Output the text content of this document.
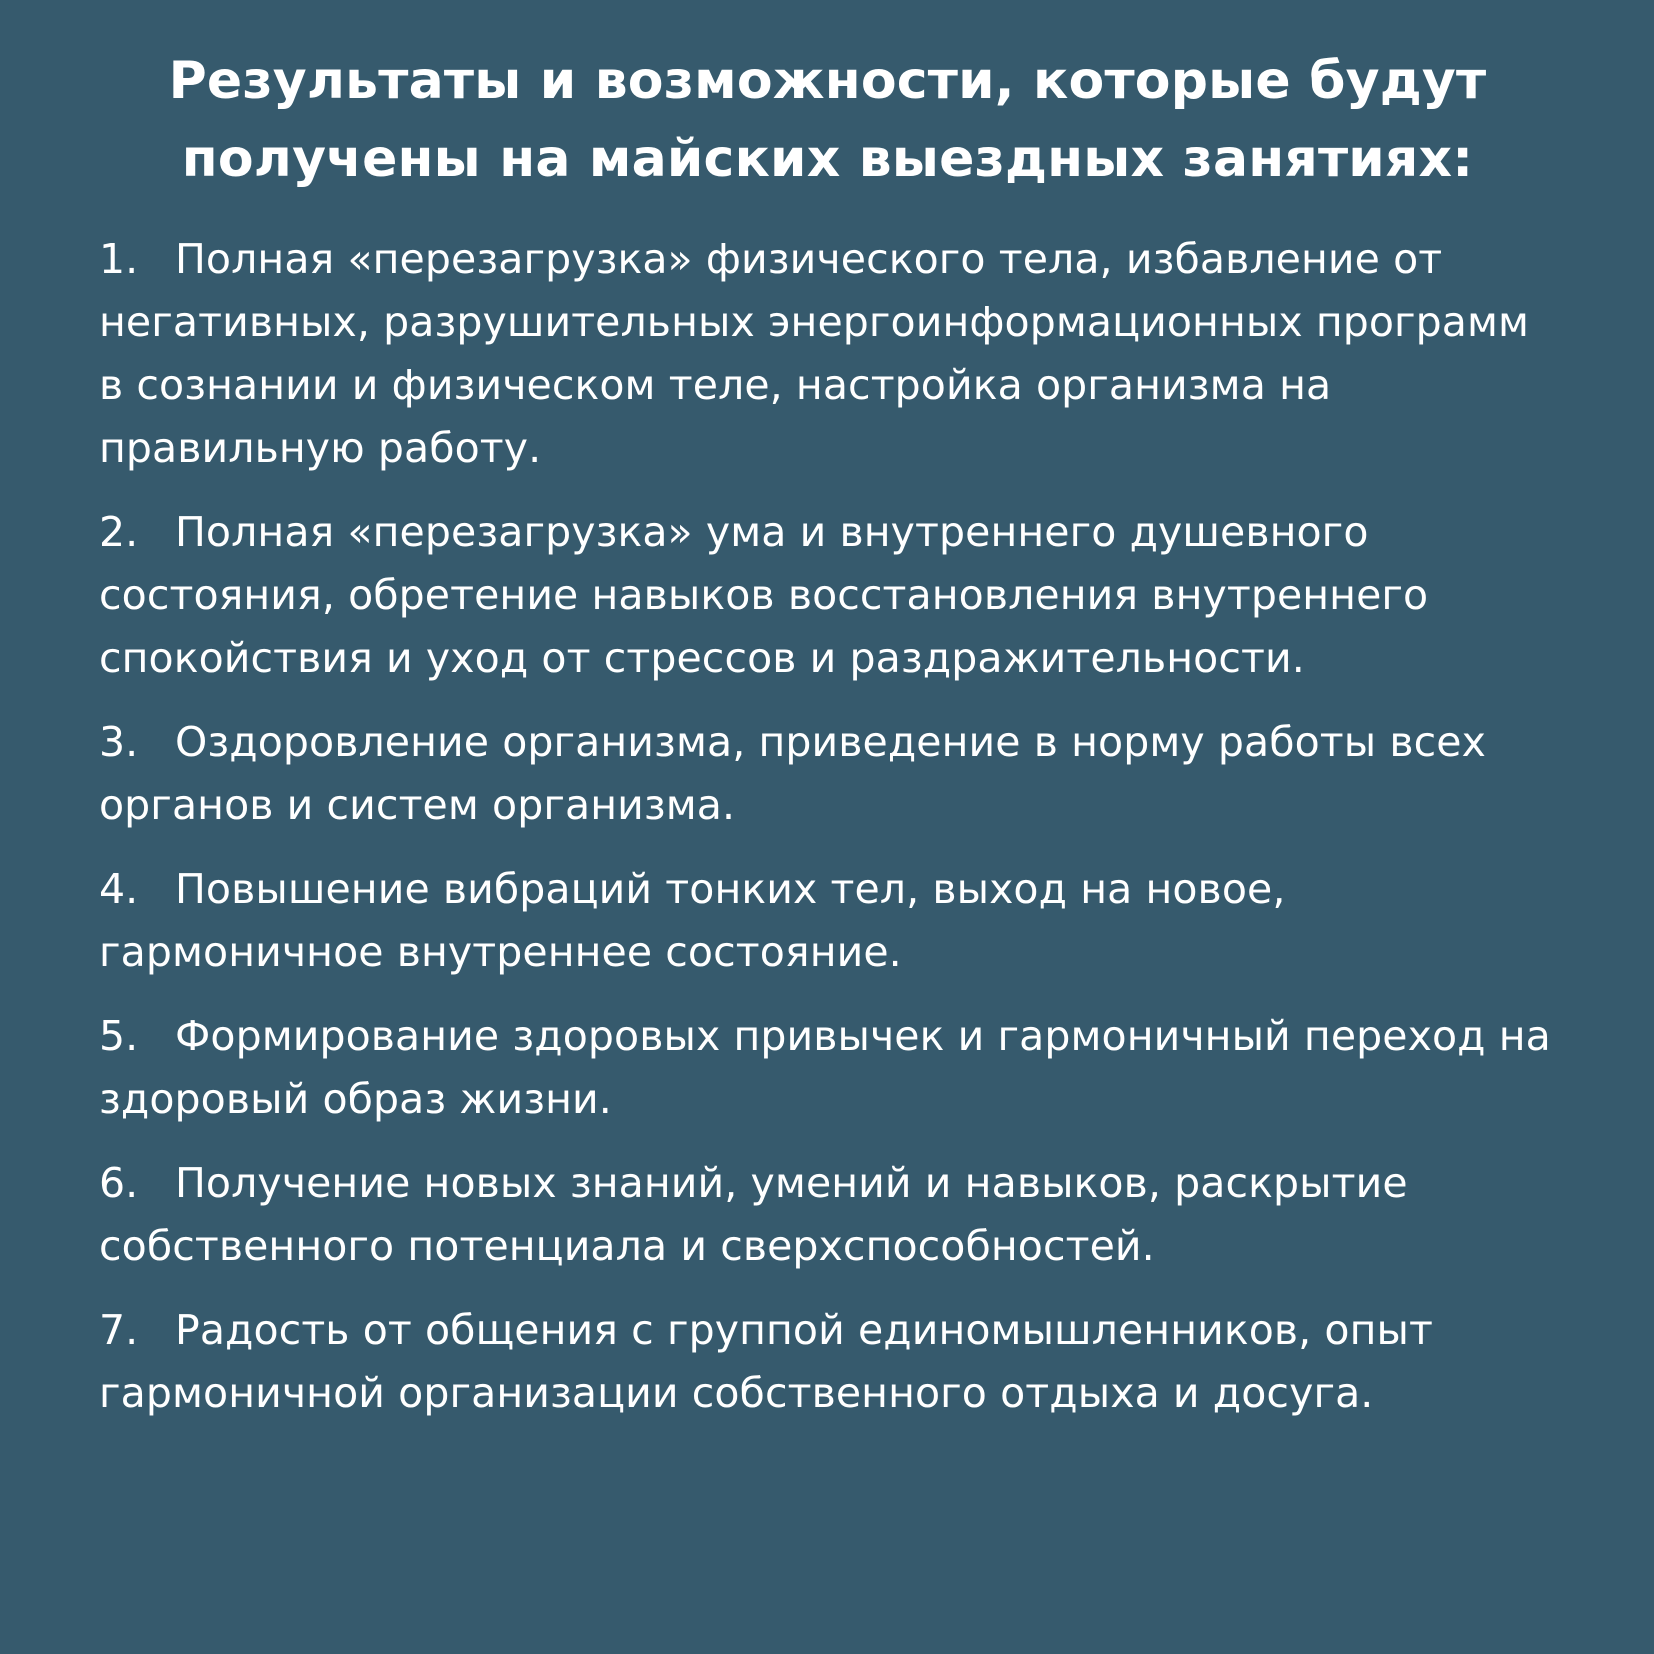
Результаты и возможности, которые будут
получены на майских выездных занятиях:
1. Полная «перезагрузка» физического тела, избавление от негативных, разрушительных энергоинформационных программ в сознании и физическом теле, настройка организма на правильную работу.
2. Полная «перезагрузка» ума и внутреннего душевного состояния, обретение навыков восстановления внутреннего спокойствия и уход от стрессов и раздражительности.
3. Оздоровление организма, приведение в норму работы всех органов и систем организма.
4. Повышение вибраций тонких тел, выход на новое, гармоничное внутреннее состояние.
5. Формирование здоровых привычек и гармоничный переход на здоровый образ жизни.
6. Получение новых знаний, умений и навыков, раскрытие собственного потенциала и сверхспособностей.
7. Радость от общения с группой единомышленников, опыт гармоничной организации собственного отдыха и досуга.
